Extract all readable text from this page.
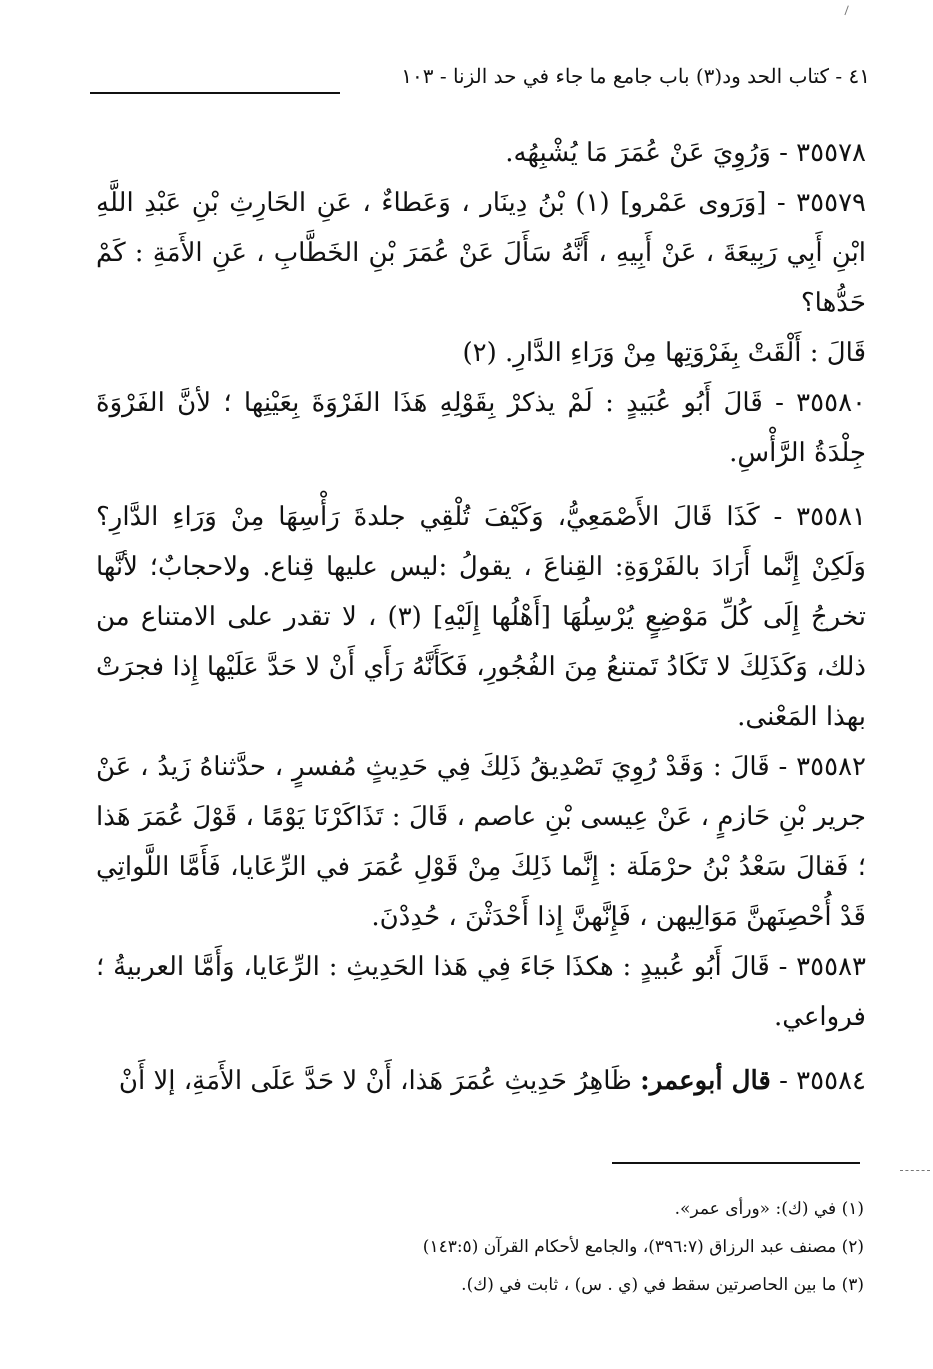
٤١ - كتاب الحد ود(٣) باب جامع ما جاء في حد الزنا - ١٠٣

٣٥٥٧٨ - وَرُوِيَ عَنْ عُمَرَ مَا يُشْبِهُه.

٣٥٥٧٩ - [وَرَوى عَمْرو] (١) بْنُ دِينَار ، وَعَطاءٌ ، عَنِ الحَارِثِ بْنِ عَبْدِ اللَّهِ ابْنِ أَبِي رَبِيعَةَ ، عَنْ أَبِيهِ ، أَنَّهُ سَأَلَ عَنْ عُمَرَ بْنِ الخَطَّابِ ، عَنِ الأَمَةِ : كَمْ حَدُّها؟

قَالَ : أَلْقَتْ بِفَرْوَتِها مِنْ وَرَاءِ الدَّارِ. (٢)

٣٥٥٨٠ - قَالَ أَبُو عُبَيدٍ : لَمْ يذكرْ بِقَوْلِهِ هَذَا الفَرْوَةَ بِعَيْنِها ؛ لأنَّ الفَرْوَةَ جِلْدَةُ الرَّأْسِ.

٣٥٥٨١ - كَذَا قَالَ الأَصْمَعِيُّ، وَكَيْفَ تُلْقِي جلدةَ رَأْسِهَا مِنْ وَرَاءِ الدَّارِ؟ وَلَكِنْ إِنَّما أَرَادَ بالفَرْوَةِ: القِناعَ ، يقولُ :ليس عليها قِناع. ولاحجابٌ؛ لأنَّها تخرجُ إِلَى كُلِّ مَوْضِعٍ يُرْسِلُهَا [أَهْلُها إِلَيْهِ] (٣) ، لا تقدر على الامتناع من ذلك، وَكَذَلِكَ لا تَكَادُ تَمتنعُ مِنَ الفُجُورِ، فَكَأَنَّهُ رَأَي أَنْ لا حَدَّ عَلَيْها إِذا فجرَتْ بهذا المَعْنى.

٣٥٥٨٢ - قَالَ : وَقَدْ رُوِيَ تَصْدِيقُ ذَلِكَ فِي حَدِيثٍ مُفسرٍ ، حدَّثناهُ زَيدُ ، عَنْ جرير بْنِ حَازمٍ ، عَنْ عِيسى بْنِ عاصم ، قَالَ : تَذَاكَرْنَا يَوْمًا ، قَوْلَ عُمَرَ هَذا ؛ فَقالَ سَعْدُ بْنُ حرْمَلَة : إِنَّما ذَلِكَ مِنْ قَوْلِ عُمَرَ في الرِّعَايا، فَأَمَّا اللَّواتِي قَدْ أُحْصِنَهنَّ مَوَالِيهن ، فَإِنَّهنَّ إِذا أَحْدَثْنَ ، حُدِدْنَ.

٣٥٥٨٣ - قَالَ أَبُو عُبيدٍ : هكذَا جَاءَ فِي هَذا الحَدِيثِ : الرِّعَايا، وَأَمَّا العربيةُ ؛ فرواعي.

٣٥٥٨٤ - قال أبوعمر: ظَاهِرُ حَدِيثِ عُمَرَ هَذا، أَنْ لا حَدَّ عَلَى الأَمَةِ، إلا أَنْ

(١) في (ك): «ورأى عمر».

(٢) مصنف عبد الرزاق (٣٩٦:٧)، والجامع لأحكام القرآن (١٤٣:٥)

(٣) ما بين الحاصرتين سقط في (ي . س) ، ثابت في (ك).
